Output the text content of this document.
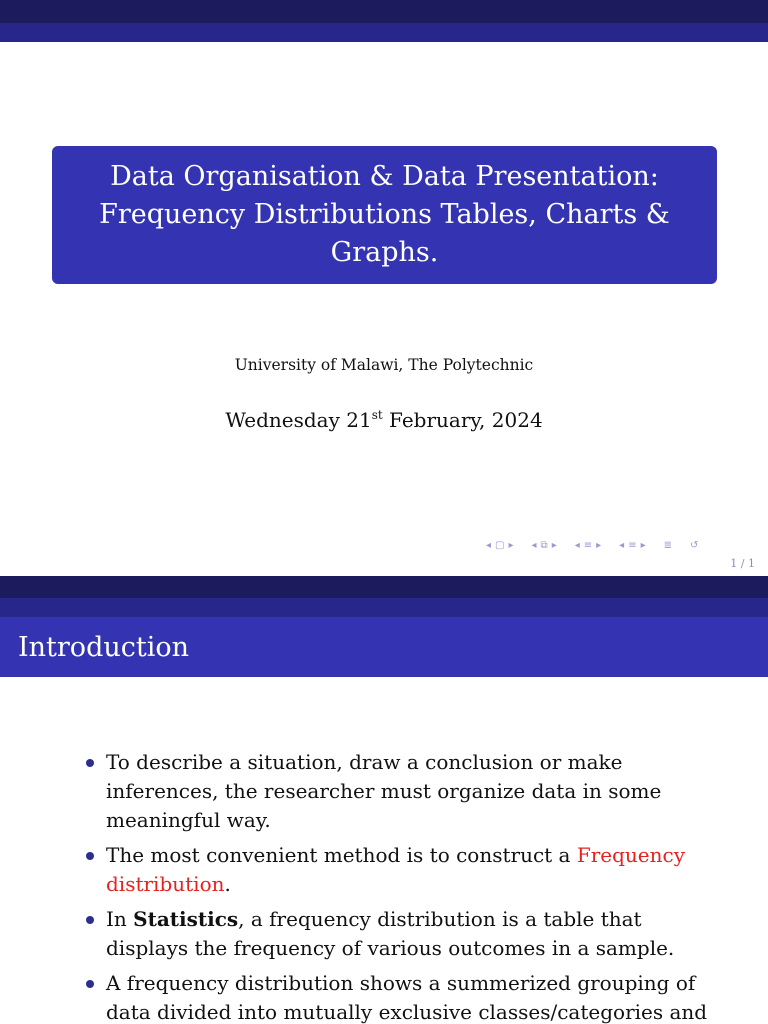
Data Organisation & Data Presentation: Frequency Distributions Tables, Charts & Graphs.
University of Malawi, The Polytechnic
Wednesday 21st February, 2024
◂ ▢ ▸ ◂ ⧉ ▸ ◂ ≡ ▸ ◂ ≡ ▸ ≣ ↺
1 / 1
Introduction
To describe a situation, draw a conclusion or make inferences, the researcher must organize data in some meaningful way.
The most convenient method is to construct a Frequency distribution.
In Statistics, a frequency distribution is a table that displays the frequency of various outcomes in a sample.
A frequency distribution shows a summerized grouping of data divided into mutually exclusive classes/categories and
